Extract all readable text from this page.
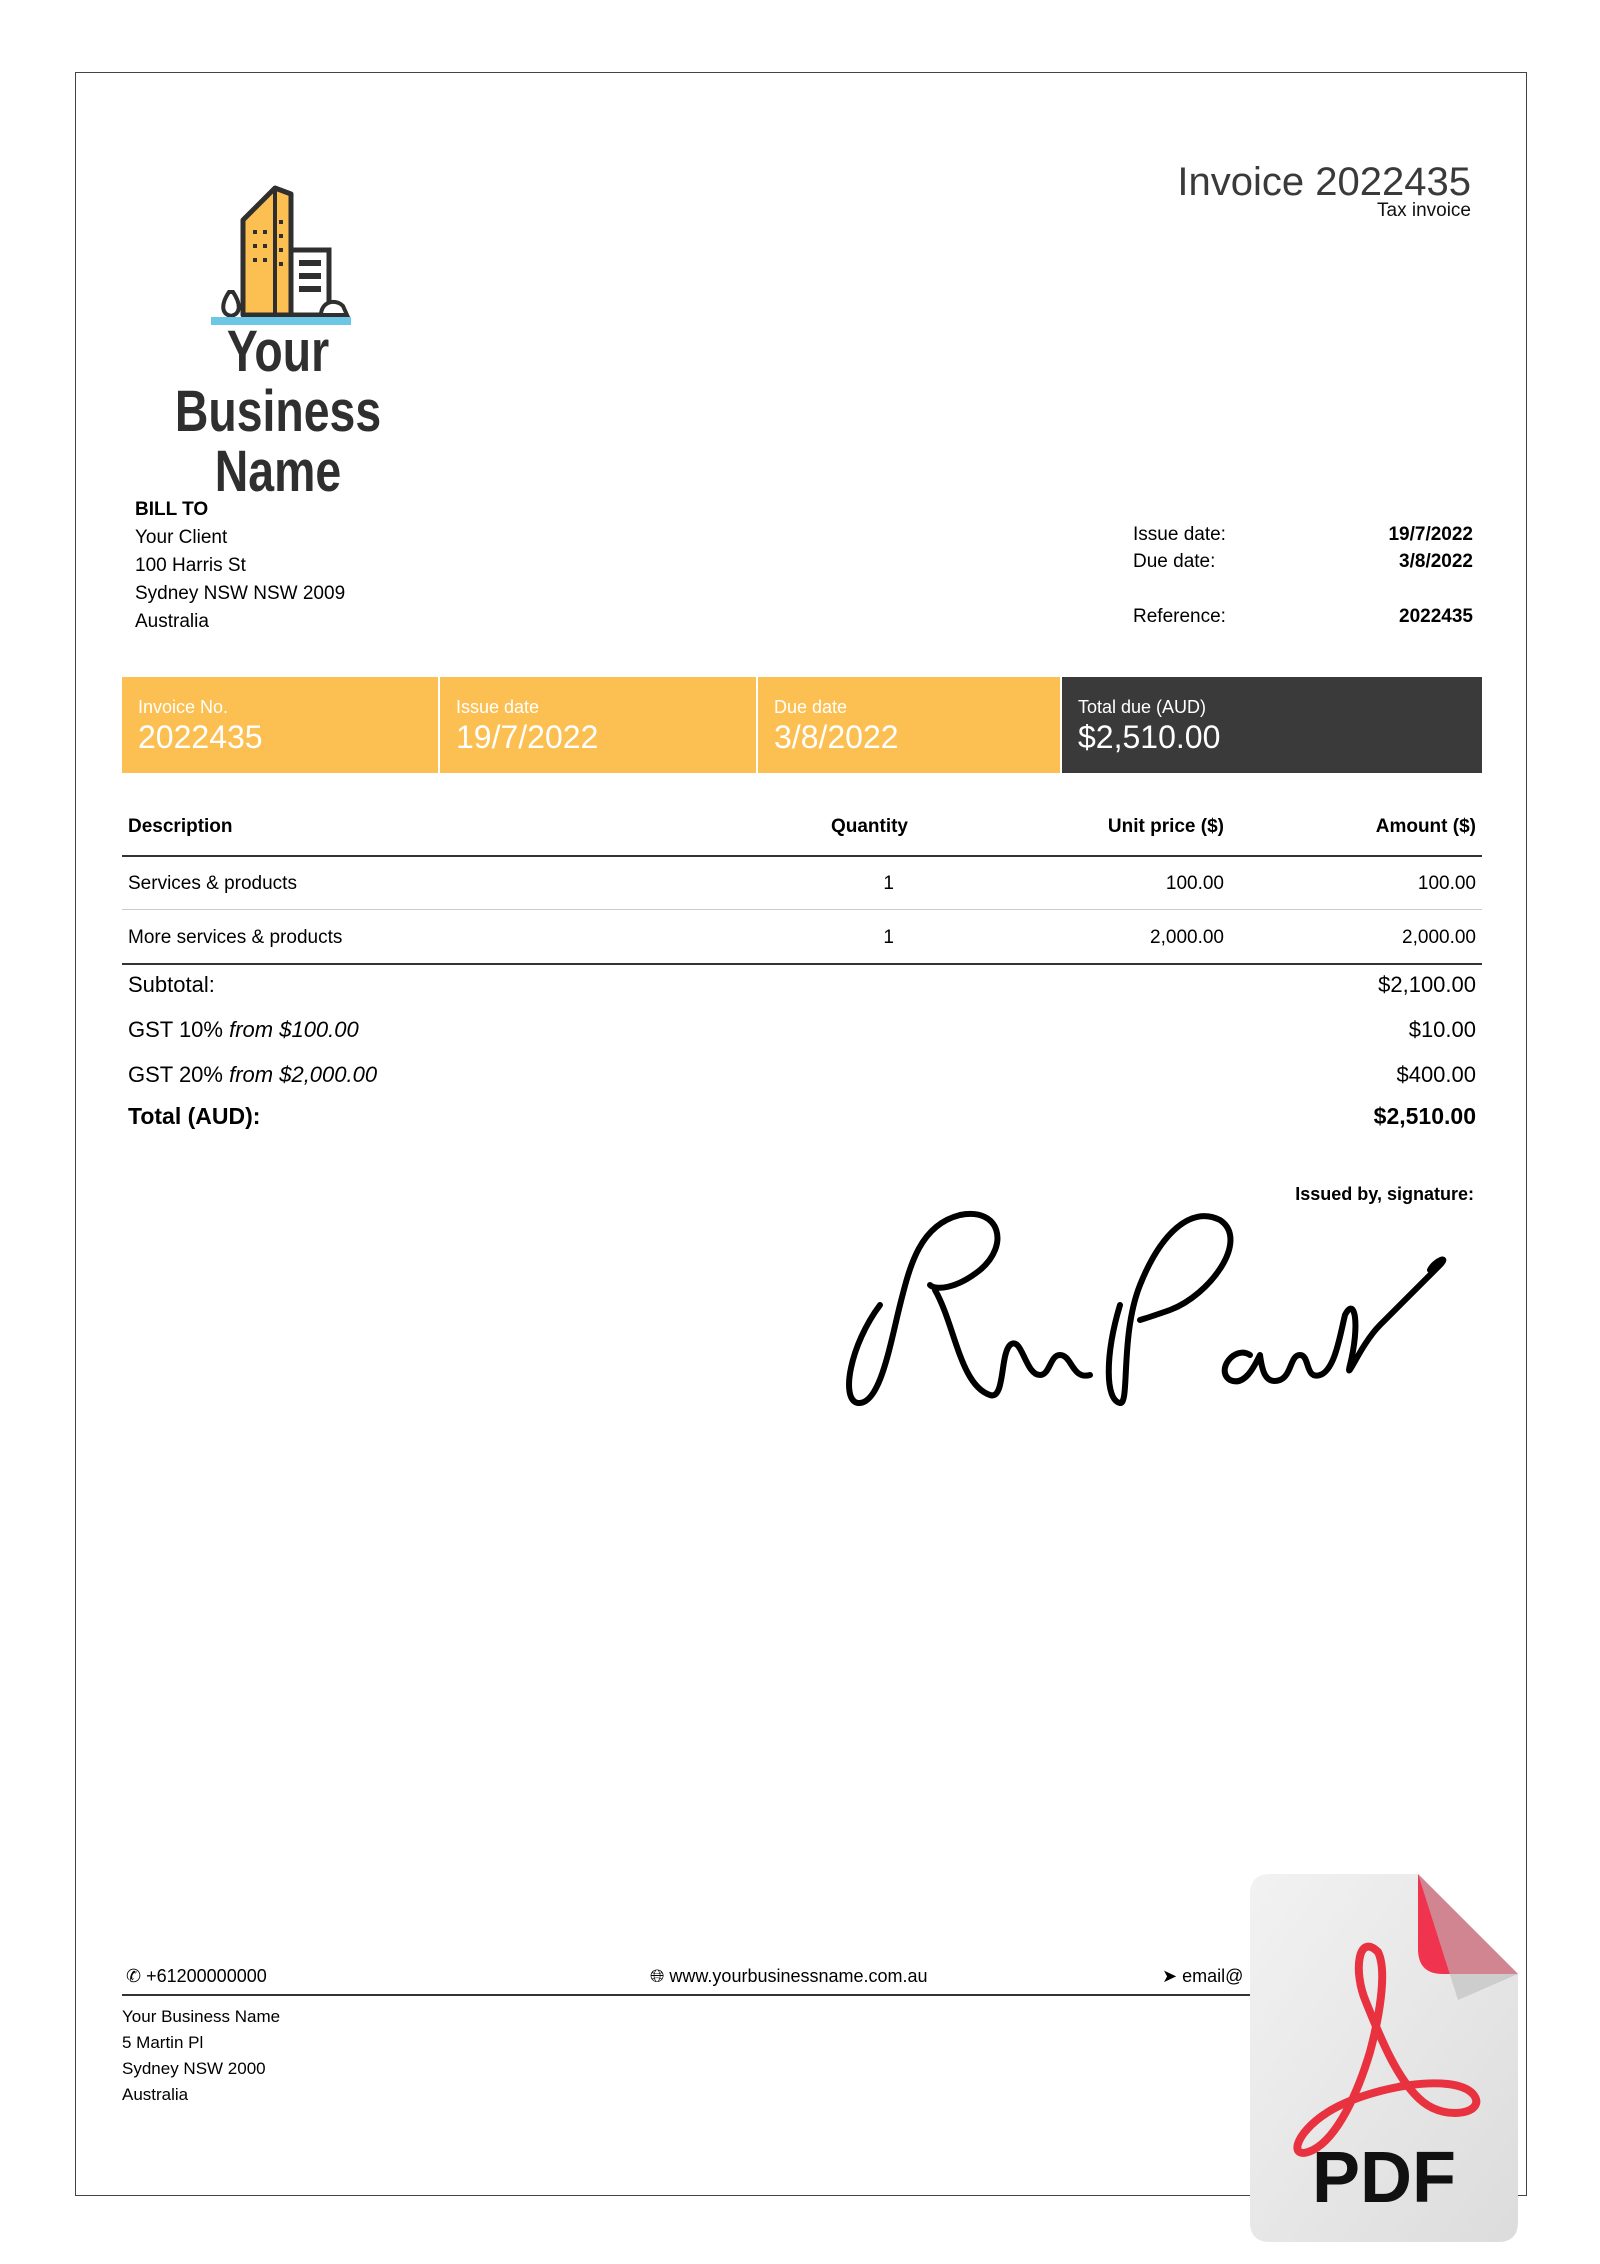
Invoice 2022435
Tax invoice
Your Business
Name
BILL TO
Your Client
100 Harris St
Sydney NSW NSW 2009
Australia
Issue date:	19/7/2022
Due date:	3/8/2022
Reference:	2022435
Invoice No.
2022435
Issue date
19/7/2022
Due date
3/8/2022
Total due (AUD)
$2,510.00
Description	Quantity	Unit price ($)	Amount ($)
Services & products	1	100.00	100.00
More services & products	1	2,000.00	2,000.00
Subtotal:	$2,100.00
GST 10% from $100.00	$10.00
GST 20% from $2,000.00	$400.00
Total (AUD):	$2,510.00
Issued by, signature:
✆ +61200000000	🌐︎ www.yourbusinessname.com.au	➤ email@
Your Business Name
5 Martin Pl
Sydney NSW 2000
Australia
PDF
